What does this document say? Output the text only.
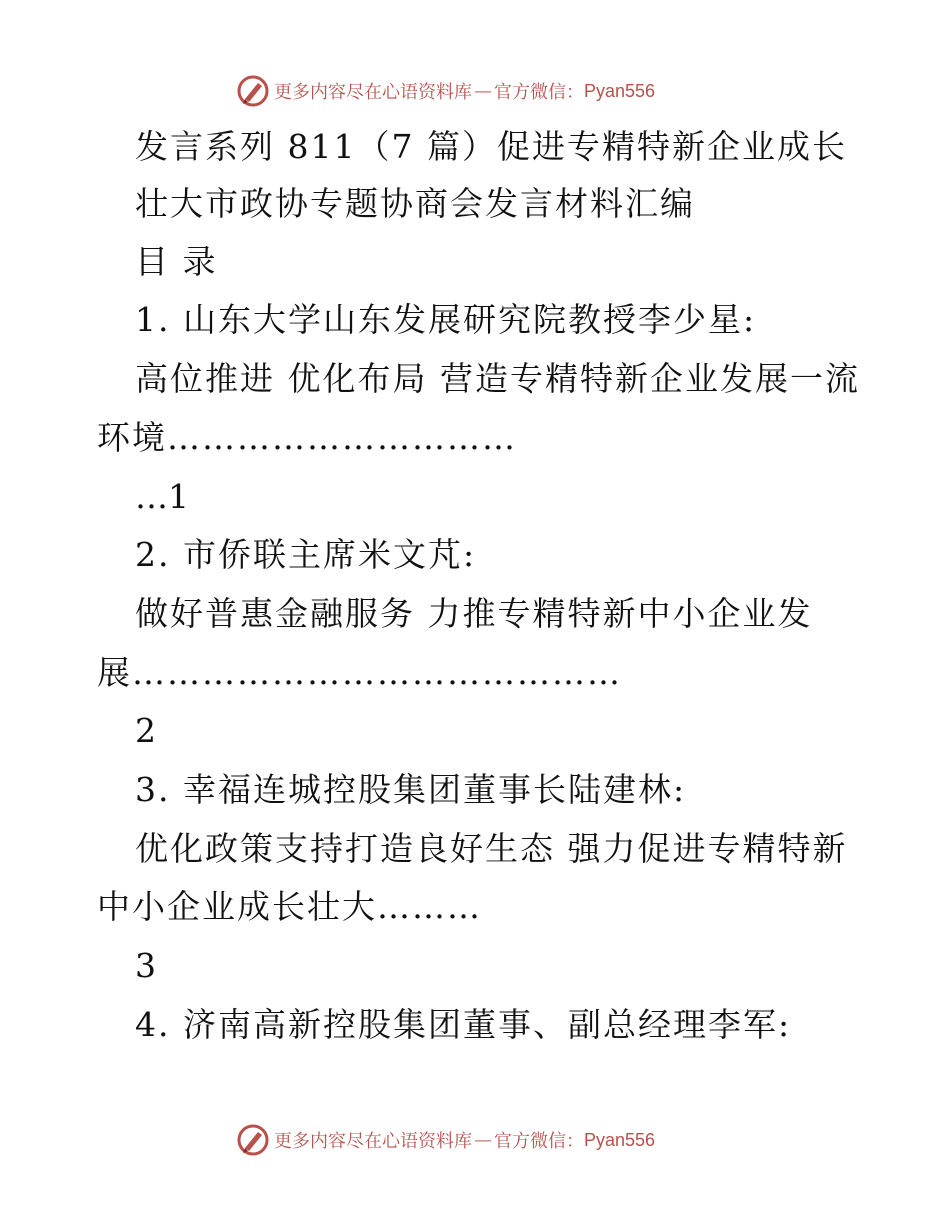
更多内容尽在心语资料库 — 官方微信： Pyan556
发言系列 811（7 篇）促进专精特新企业成长
壮大市政协专题协商会发言材料汇编
目 录
1. 山东大学山东发展研究院教授李少星:
高位推进 优化布局 营造专精特新企业发展一流
环境…………………………
…1
2. 市侨联主席米文芃:
做好普惠金融服务 力推专精特新中小企业发
展……………………………………
2
3. 幸福连城控股集团董事长陆建林:
优化政策支持打造良好生态 强力促进专精特新
中小企业成长壮大………
3
4. 济南高新控股集团董事、副总经理李军:
更多内容尽在心语资料库 — 官方微信： Pyan556
